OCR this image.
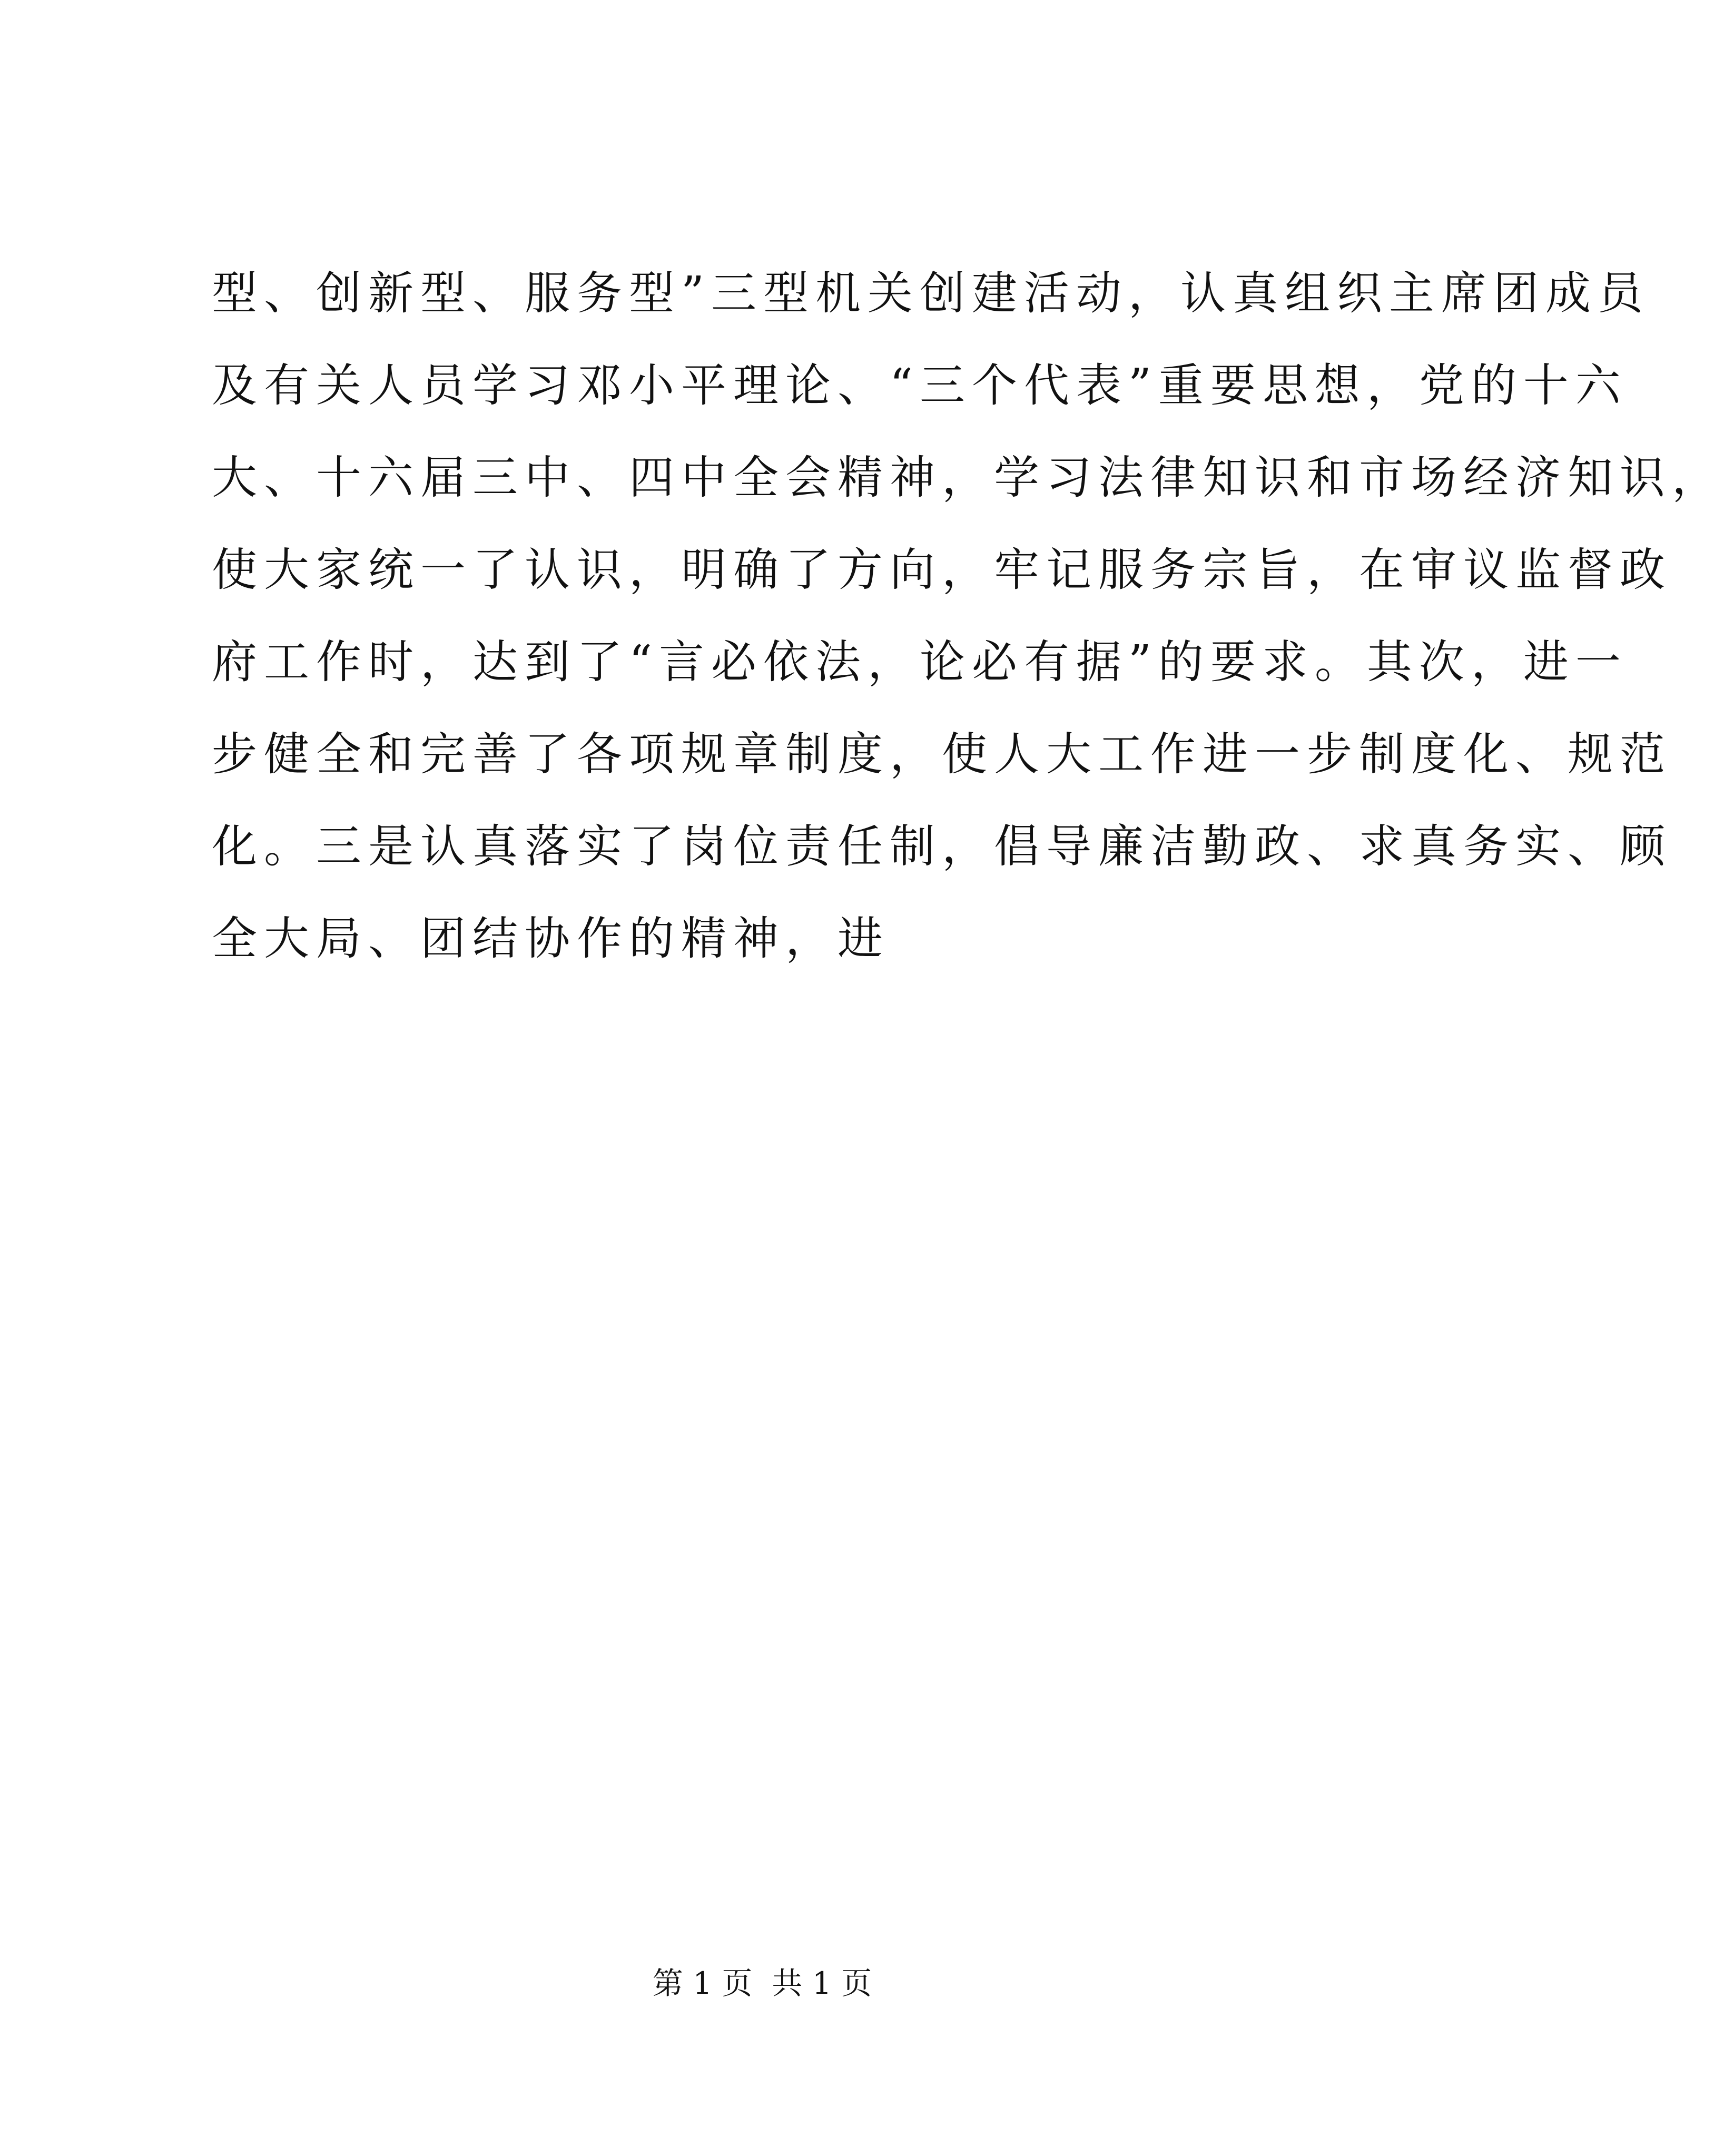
型、创新型、服务型”三型机关创建活动，认真组织主席团成员
及有关人员学习邓小平理论、“三个代表”重要思想，党的十六
大、十六届三中、四中全会精神，学习法律知识和市场经济知识，
使大家统一了认识，明确了方向，牢记服务宗旨，在审议监督政
府工作时，达到了“言必依法，论必有据”的要求。其次，进一
步健全和完善了各项规章制度，使人大工作进一步制度化、规范
化。三是认真落实了岗位责任制，倡导廉洁勤政、求真务实、顾
全大局、团结协作的精神，进
第 1 页  共 1 页
